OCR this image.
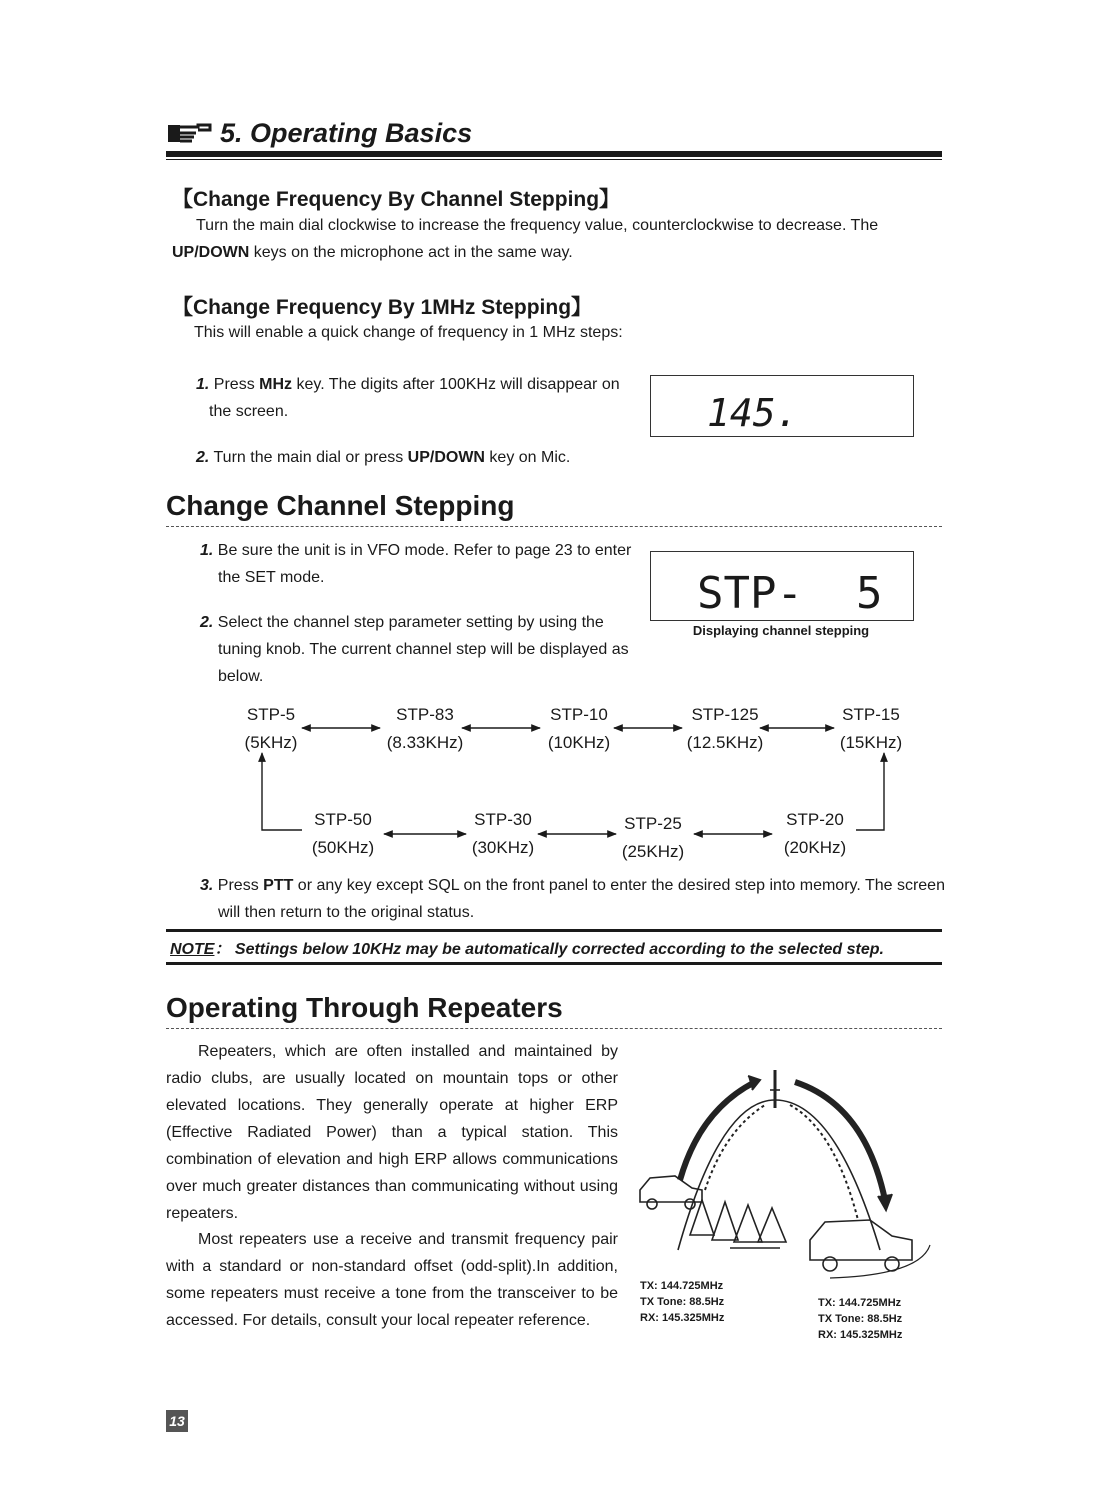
5. Operating Basics
【Change Frequency By Channel Stepping】
Turn the main dial clockwise to increase the frequency value, counterclockwise to decrease. The UP/DOWN keys on the microphone act in the same way.
【Change Frequency By 1MHz Stepping】
This will enable a quick change of frequency in 1 MHz steps:
1. Press MHz key. The digits after 100KHz will disappear on the screen.
2. Turn the main dial or press UP/DOWN key on Mic.
145.
Change Channel Stepping
1. Be sure the unit is in VFO mode. Refer to page 23 to enter the SET mode.
2. Select the channel step parameter setting by using the tuning knob. The current channel step will be displayed as below.
STP-  5
Displaying channel stepping
STP-5
(5KHz)
STP-83
(8.33KHz)
STP-10
(10KHz)
STP-125
(12.5KHz)
STP-15
(15KHz)
STP-50
(50KHz)
STP-30
(30KHz)
STP-25
(25KHz)
STP-20
(20KHz)
3. Press PTT or any key except SQL on the front panel to enter the desired step into memory. The screen will then return to the original status.
NOTE： Settings below 10KHz may be automatically corrected according to the selected step.
Operating Through Repeaters
Repeaters, which are often installed and maintained by radio clubs, are usually located on mountain tops or other elevated locations. They generally operate at higher ERP (Effective Radiated Power) than a typical station. This combination of elevation and high ERP allows communications over much greater distances than communicating without using repeaters.
Most repeaters use a receive and transmit frequency pair with a standard or non-standard offset (odd-split).In addition, some repeaters must receive a tone from the transceiver to be accessed. For details, consult your local repeater reference.
TX: 144.725MHz
TX Tone: 88.5Hz
RX: 145.325MHz
TX: 144.725MHz
TX Tone: 88.5Hz
RX: 145.325MHz
13
